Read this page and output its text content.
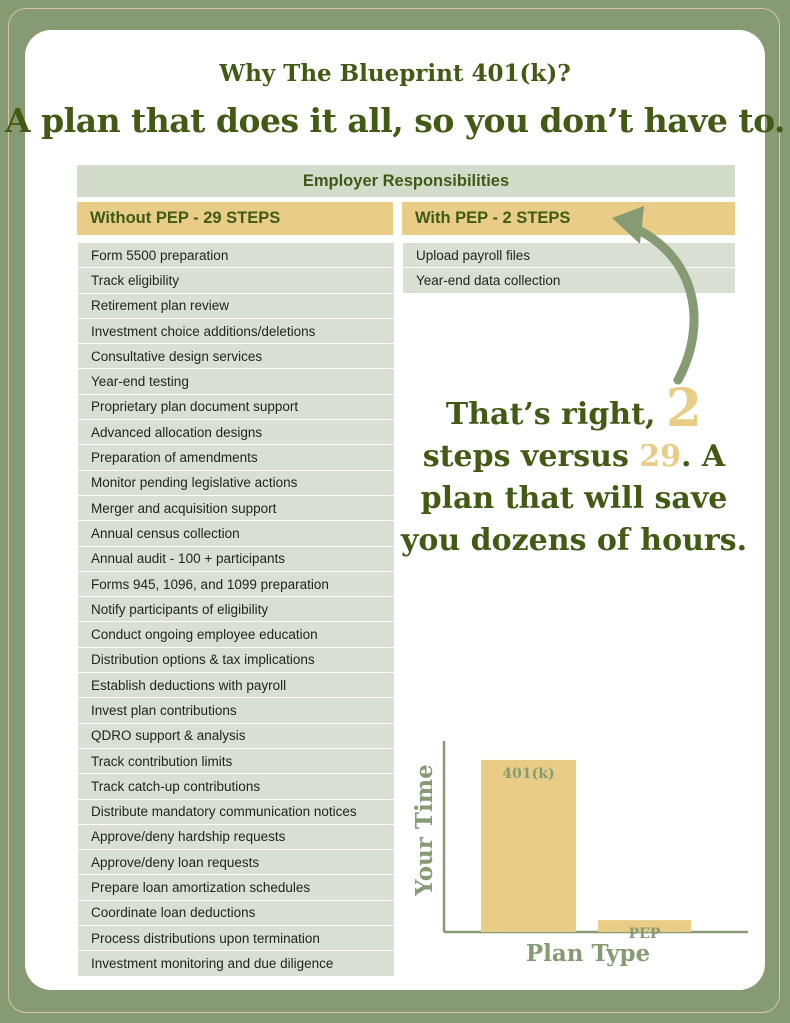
Why The Blueprint 401(k)?
A plan that does it all, so you don’t have to.
Employer Responsibilities
Without PEP - 29 STEPS	With PEP - 2 STEPS
Form 5500 preparation
Track eligibility
Retirement plan review
Investment choice additions/deletions
Consultative design services
Year-end testing
Proprietary plan document support
Advanced allocation designs
Preparation of amendments
Monitor pending legislative actions
Merger and acquisition support
Annual census collection
Annual audit - 100 + participants
Forms 945, 1096, and 1099 preparation
Notify participants of eligibility
Conduct ongoing employee education
Distribution options & tax implications
Establish deductions with payroll
Invest plan contributions
QDRO support & analysis
Track contribution limits
Track catch-up contributions
Distribute mandatory communication notices
Approve/deny hardship requests
Approve/deny loan requests
Prepare loan amortization schedules
Coordinate loan deductions
Process distributions upon termination
Investment monitoring and due diligence
Upload payroll files
Year-end data collection
That’s right, 2 steps versus 29. A plan that will save you dozens of hours.
401(k)
PEP
Plan Type
Your Time
